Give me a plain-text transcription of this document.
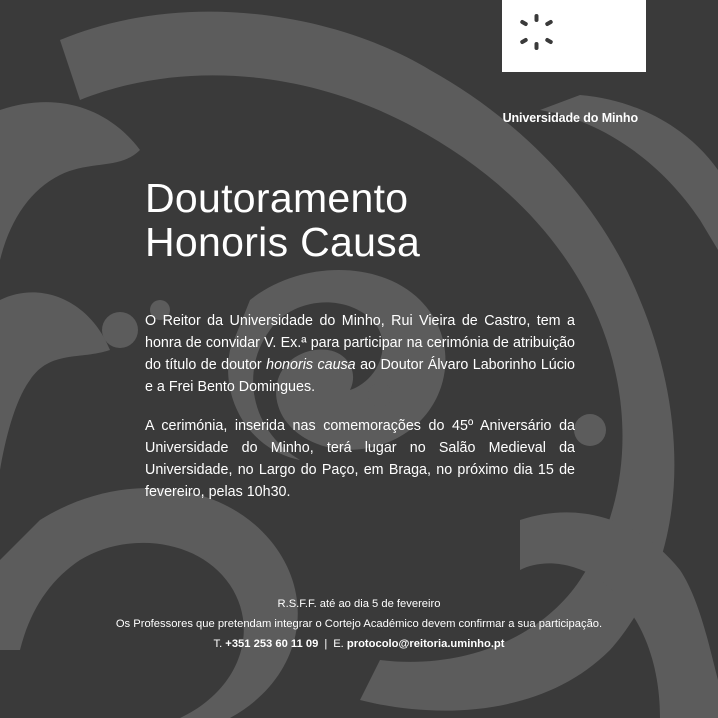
Universidade do Minho
Doutoramento
Honoris Causa

O Reitor da Universidade do Minho, Rui Vieira de Castro, tem a honra de convidar V. Ex.ª para participar na cerimónia de atribuição do título de doutor honoris causa ao Doutor Álvaro Laborinho Lúcio e a Frei Bento Domingues.

A cerimónia, inserida nas comemorações do 45º Aniversário da Universidade do Minho, terá lugar no Salão Medieval da Universidade, no Largo do Paço, em Braga, no próximo dia 15 de fevereiro, pelas 10h30.

R.S.F.F. até ao dia 5 de fevereiro

Os Professores que pretendam integrar o Cortejo Académico devem confirmar a sua participação.

T. +351 253 60 11 09 | E. protocolo@reitoria.uminho.pt
